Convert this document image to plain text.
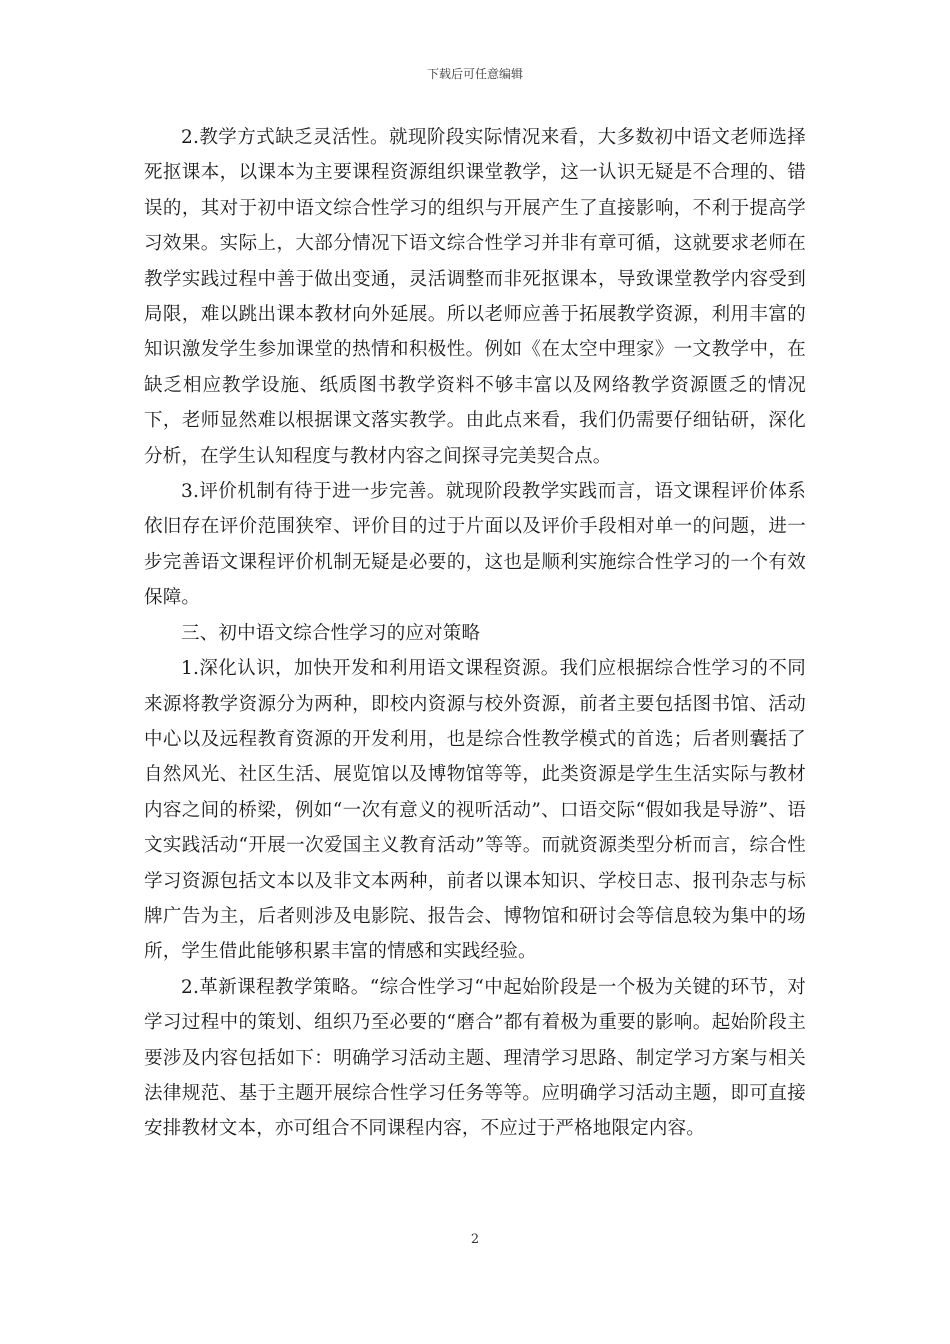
下载后可任意编辑

2.教学方式缺乏灵活性。就现阶段实际情况来看，大多数初中语文老师选择死抠课本，以课本为主要课程资源组织课堂教学，这一认识无疑是不合理的、错误的，其对于初中语文综合性学习的组织与开展产生了直接影响，不利于提高学习效果。实际上，大部分情况下语文综合性学习并非有章可循，这就要求老师在教学实践过程中善于做出变通，灵活调整而非死抠课本，导致课堂教学内容受到局限，难以跳出课本教材向外延展。所以老师应善于拓展教学资源，利用丰富的知识激发学生参加课堂的热情和积极性。例如《在太空中理家》一文教学中，在缺乏相应教学设施、纸质图书教学资料不够丰富以及网络教学资源匮乏的情况下，老师显然难以根据课文落实教学。由此点来看，我们仍需要仔细钻研，深化分析，在学生认知程度与教材内容之间探寻完美契合点。

3.评价机制有待于进一步完善。就现阶段教学实践而言，语文课程评价体系依旧存在评价范围狭窄、评价目的过于片面以及评价手段相对单一的问题，进一步完善语文课程评价机制无疑是必要的，这也是顺利实施综合性学习的一个有效保障。

三、初中语文综合性学习的应对策略

1.深化认识，加快开发和利用语文课程资源。我们应根据综合性学习的不同来源将教学资源分为两种，即校内资源与校外资源，前者主要包括图书馆、活动中心以及远程教育资源的开发利用，也是综合性教学模式的首选；后者则囊括了自然风光、社区生活、展览馆以及博物馆等等，此类资源是学生生活实际与教材内容之间的桥梁，例如“一次有意义的视听活动”、口语交际“假如我是导游”、语文实践活动“开展一次爱国主义教育活动”等等。而就资源类型分析而言，综合性学习资源包括文本以及非文本两种，前者以课本知识、学校日志、报刊杂志与标牌广告为主，后者则涉及电影院、报告会、博物馆和研讨会等信息较为集中的场所，学生借此能够积累丰富的情感和实践经验。

2.革新课程教学策略。“综合性学习“中起始阶段是一个极为关键的环节，对学习过程中的策划、组织乃至必要的“磨合”都有着极为重要的影响。起始阶段主要涉及内容包括如下：明确学习活动主题、理清学习思路、制定学习方案与相关法律规范、基于主题开展综合性学习任务等等。应明确学习活动主题，即可直接安排教材文本，亦可组合不同课程内容，不应过于严格地限定内容。

2
